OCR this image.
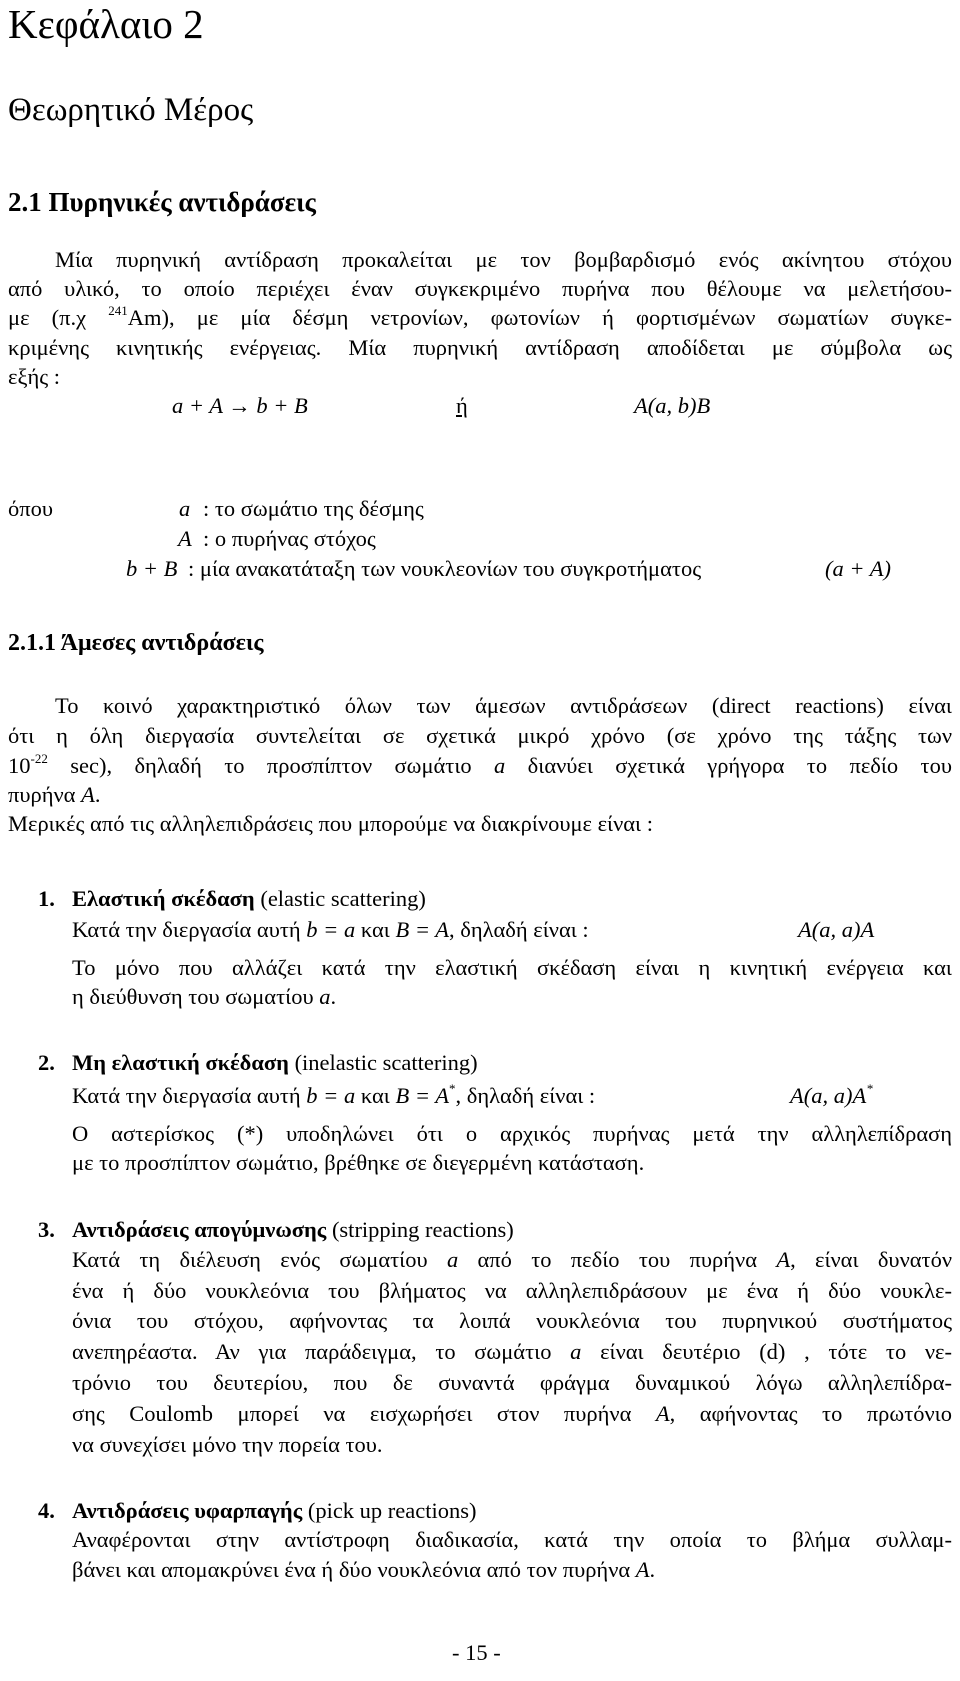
Κεφάλαιο 2
Θεωρητικό Μέρος
2.1 Πυρηνικές αντιδράσεις
Μία πυρηνική αντίδραση προκαλείται με τον βομβαρδισμό ενός ακίνητου στόχου
από υλικό, το οποίο περιέχει έναν συγκεκριμένο πυρήνα που θέλουμε να μελετήσου-
με (π.χ $^{241}$Am), με μία δέσμη νετρονίων, φωτονίων ή φορτισμένων σωματίων συγκε-
κριμένης κινητικής ενέργειας. Μία πυρηνική αντίδραση αποδίδεται με σύμβολα ως
εξής :
a + A → b + B	ή	A(a, b)B
όπου	a : το σωμάτιο της δέσμης
A : ο πυρήνας στόχος
b + B : μία ανακατάταξη των νουκλεονίων του συγκροτήματος	(a + A)
2.1.1 Άμεσες αντιδράσεις
Το κοινό χαρακτηριστικό όλων των άμεσων αντιδράσεων (direct reactions) είναι
ότι η όλη διεργασία συντελείται σε σχετικά μικρό χρόνο (σε χρόνο της τάξης των
$10^{-22}$ sec), δηλαδή το προσπίπτον σωμάτιο a διανύει σχετικά γρήγορα το πεδίο του
πυρήνα A.
Μερικές από τις αλληλεπιδράσεις που μπορούμε να διακρίνουμε είναι :
1. Ελαστική σκέδαση (elastic scattering)
Κατά την διεργασία αυτή b = a και B = A, δηλαδή είναι :	A(a, a)A
Το μόνο που αλλάζει κατά την ελαστική σκέδαση είναι η κινητική ενέργεια και
η διεύθυνση του σωματίου a.
2. Μη ελαστική σκέδαση (inelastic scattering)
Κατά την διεργασία αυτή b = a και B = A*, δηλαδή είναι :	A(a, a)A*
Ο αστερίσκος (*) υποδηλώνει ότι ο αρχικός πυρήνας μετά την αλληλεπίδραση
με το προσπίπτον σωμάτιο, βρέθηκε σε διεγερμένη κατάσταση.
3. Αντιδράσεις απογύμνωσης (stripping reactions)
Κατά τη διέλευση ενός σωματίου a από το πεδίο του πυρήνα A, είναι δυνατόν
ένα ή δύο νουκλεόνια του βλήματος να αλληλεπιδράσουν με ένα ή δύο νουκλε-
όνια του στόχου, αφήνοντας τα λοιπά νουκλεόνια του πυρηνικού συστήματος
ανεπηρέαστα. Αν για παράδειγμα, το σωμάτιο a είναι δευτέριο (d) , τότε το νε-
τρόνιο του δευτερίου, που δε συναντά φράγμα δυναμικού λόγω αλληλεπίδρα-
σης Coulomb μπορεί να εισχωρήσει στον πυρήνα A, αφήνοντας το πρωτόνιο
να συνεχίσει μόνο την πορεία του.
4. Αντιδράσεις υφαρπαγής (pick up reactions)
Αναφέρονται στην αντίστροφη διαδικασία, κατά την οποία το βλήμα συλλαμ-
βάνει και απομακρύνει ένα ή δύο νουκλεόνια από τον πυρήνα A.
- 15 -
